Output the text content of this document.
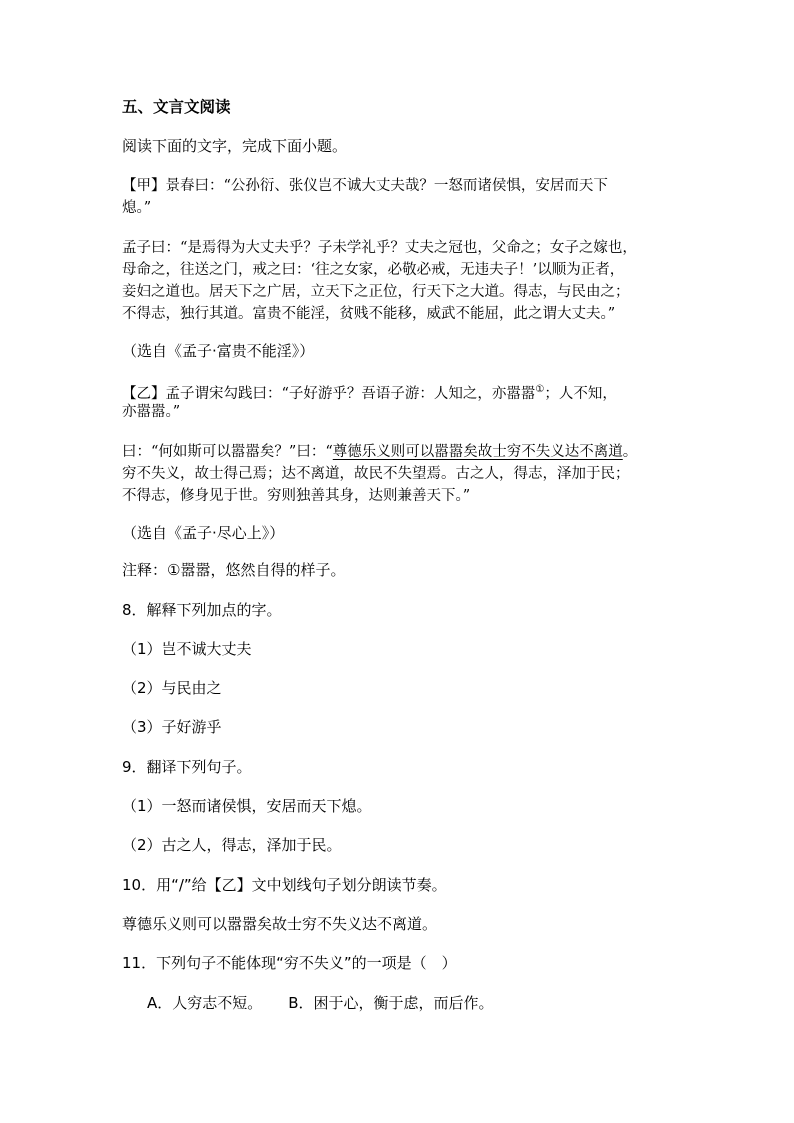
五、文言文阅读
阅读下面的文字，完成下面小题。
【甲】景春曰：“公孙衍、张仪岂不诚大丈夫哉？一怒而诸侯惧，安居而天下
熄。”
孟子曰：“是焉得为大丈夫乎？子未学礼乎？丈夫之冠也，父命之；女子之嫁也，
母命之，往送之门，戒之曰：‘往之女家，必敬必戒，无违夫子！’以顺为正者，
妾妇之道也。居天下之广居，立天下之正位，行天下之大道。得志，与民由之；
不得志，独行其道。富贵不能淫，贫贱不能移，威武不能屈，此之谓大丈夫。”
（选自《孟子·富贵不能淫》）
【乙】孟子谓宋勾践曰：“子好游乎？吾语子游：人知之，亦嚣嚣①；人不知，
亦嚣嚣。”
曰：“何如斯可以嚣嚣矣？”曰：“尊德乐义则可以嚣嚣矣故士穷不失义达不离道。
穷不失义，故士得己焉；达不离道，故民不失望焉。古之人，得志，泽加于民；
不得志，修身见于世。穷则独善其身，达则兼善天下。”
（选自《孟子·尽心上》）
注释：①嚣嚣，悠然自得的样子。
8．解释下列加点的字。
（1）岂不诚大丈夫
（2）与民由之
（3）子好游乎
9．翻译下列句子。
（1）一怒而诸侯惧，安居而天下熄。
（2）古之人，得志，泽加于民。
10．用“/”给【乙】文中划线句子划分朗读节奏。
尊德乐义则可以嚣嚣矣故士穷不失义达不离道。
11．下列句子不能体现“穷不失义”的一项是（　）
A．人穷志不短。 B．困于心，衡于虑，而后作。
